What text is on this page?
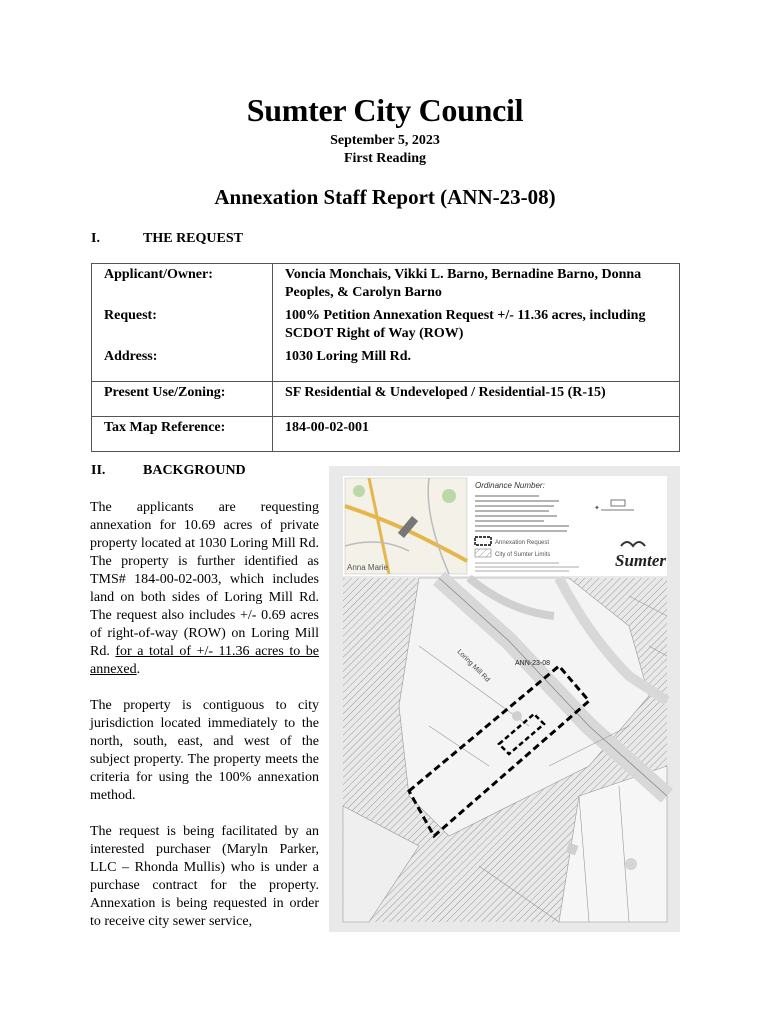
Sumter City Council
September 5, 2023
First Reading
Annexation Staff Report (ANN-23-08)
I.	THE REQUEST
Applicant/Owner:	Voncia Monchais, Vikki L. Barno, Bernadine Barno, Donna Peoples, & Carolyn Barno
Request:	100% Petition Annexation Request +/- 11.36 acres, including SCDOT Right of Way (ROW)
Address:	1030 Loring Mill Rd.
Present Use/Zoning:	SF Residential & Undeveloped / Residential-15 (R-15)
Tax Map Reference:	184-00-02-001
II.	BACKGROUND

The applicants are requesting annexation for 10.69 acres of private property located at 1030 Loring Mill Rd. The property is further identified as TMS# 184-00-02-003, which includes land on both sides of Loring Mill Rd. The request also includes +/- 0.69 acres of right-of-way (ROW) on Loring Mill Rd. for a total of +/- 11.36 acres to be annexed.

The property is contiguous to city jurisdiction located immediately to the north, south, east, and west of the subject property. The property meets the criteria for using the 100% annexation method.

The request is being facilitated by an interested purchaser (Maryln Parker, LLC – Rhonda Mullis) who is under a purchase contract for the property. Annexation is being requested in order to receive city sewer service,

Anna Marie
Ordinance Number:
Annexation Request
City of Sumter Limits
✦
Sumter
ANN-23-08
Loring Mill Rd
